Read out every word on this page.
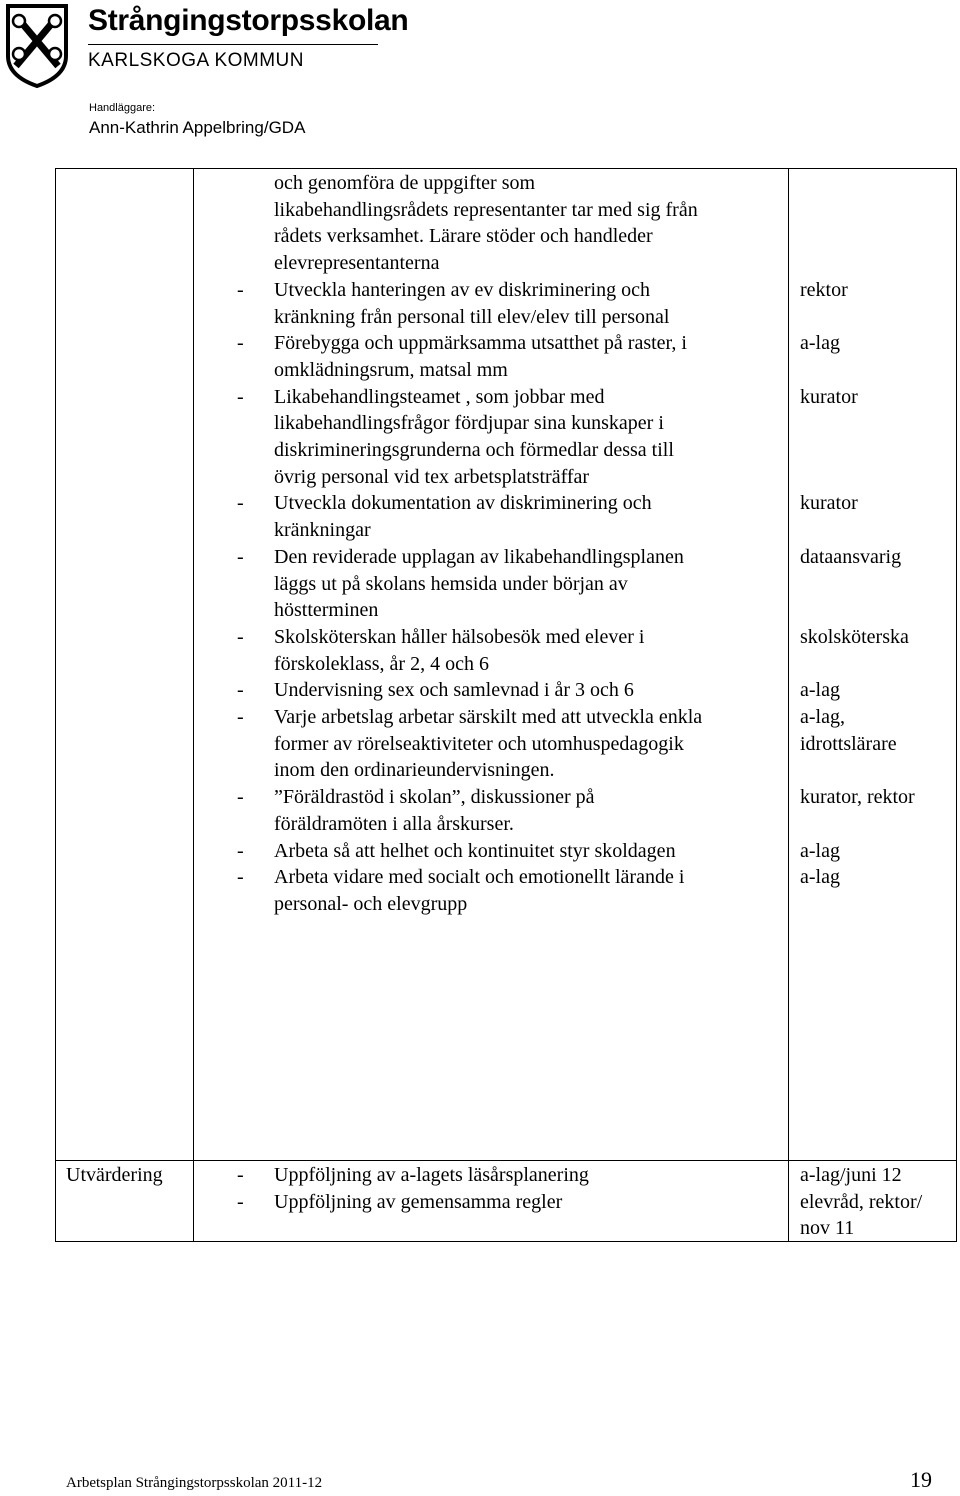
Strångingstorpsskolan
KARLSKOGA KOMMUN
Handläggare:
Ann-Kathrin Appelbring/GDA
och genomföra de uppgifter som
likabehandlingsrådets representanter tar med sig från
rådets verksamhet. Lärare stöder och handleder
elevrepresentanterna
- Utveckla hanteringen av ev diskriminering och
kränkning från personal till elev/elev till personal
- Förebygga och uppmärksamma utsatthet på raster, i
omklädningsrum, matsal mm
- Likabehandlingsteamet , som jobbar med
likabehandlingsfrågor fördjupar sina kunskaper i
diskrimineringsgrunderna och förmedlar dessa till
övrig personal vid tex arbetsplatsträffar
- Utveckla dokumentation av diskriminering och
kränkningar
- Den reviderade upplagan av likabehandlingsplanen
läggs ut på skolans hemsida under början av
höstterminen
- Skolsköterskan håller hälsobesök med elever i
förskoleklass, år 2, 4 och 6
- Undervisning sex och samlevnad i år 3 och 6
- Varje arbetslag arbetar särskilt med att utveckla enkla
former av rörelseaktiviteter och utomhuspedagogik
inom den ordinarieundervisningen.
- ”Föräldrastöd i skolan”, diskussioner på
föräldramöten i alla årskurser.
- Arbeta så att helhet och kontinuitet styr skoldagen
- Arbeta vidare med socialt och emotionellt lärande i
personal- och elevgrupp
rektor
a-lag
kurator
kurator
dataansvarig
skolsköterska
a-lag
a-lag,
idrottslärare
kurator, rektor
a-lag
a-lag
Utvärdering	- Uppföljning av a-lagets läsårsplanering
- Uppföljning av gemensamma regler
a-lag/juni 12
elevråd, rektor/
nov 11
Arbetsplan Strångingstorpsskolan 2011-12	19
